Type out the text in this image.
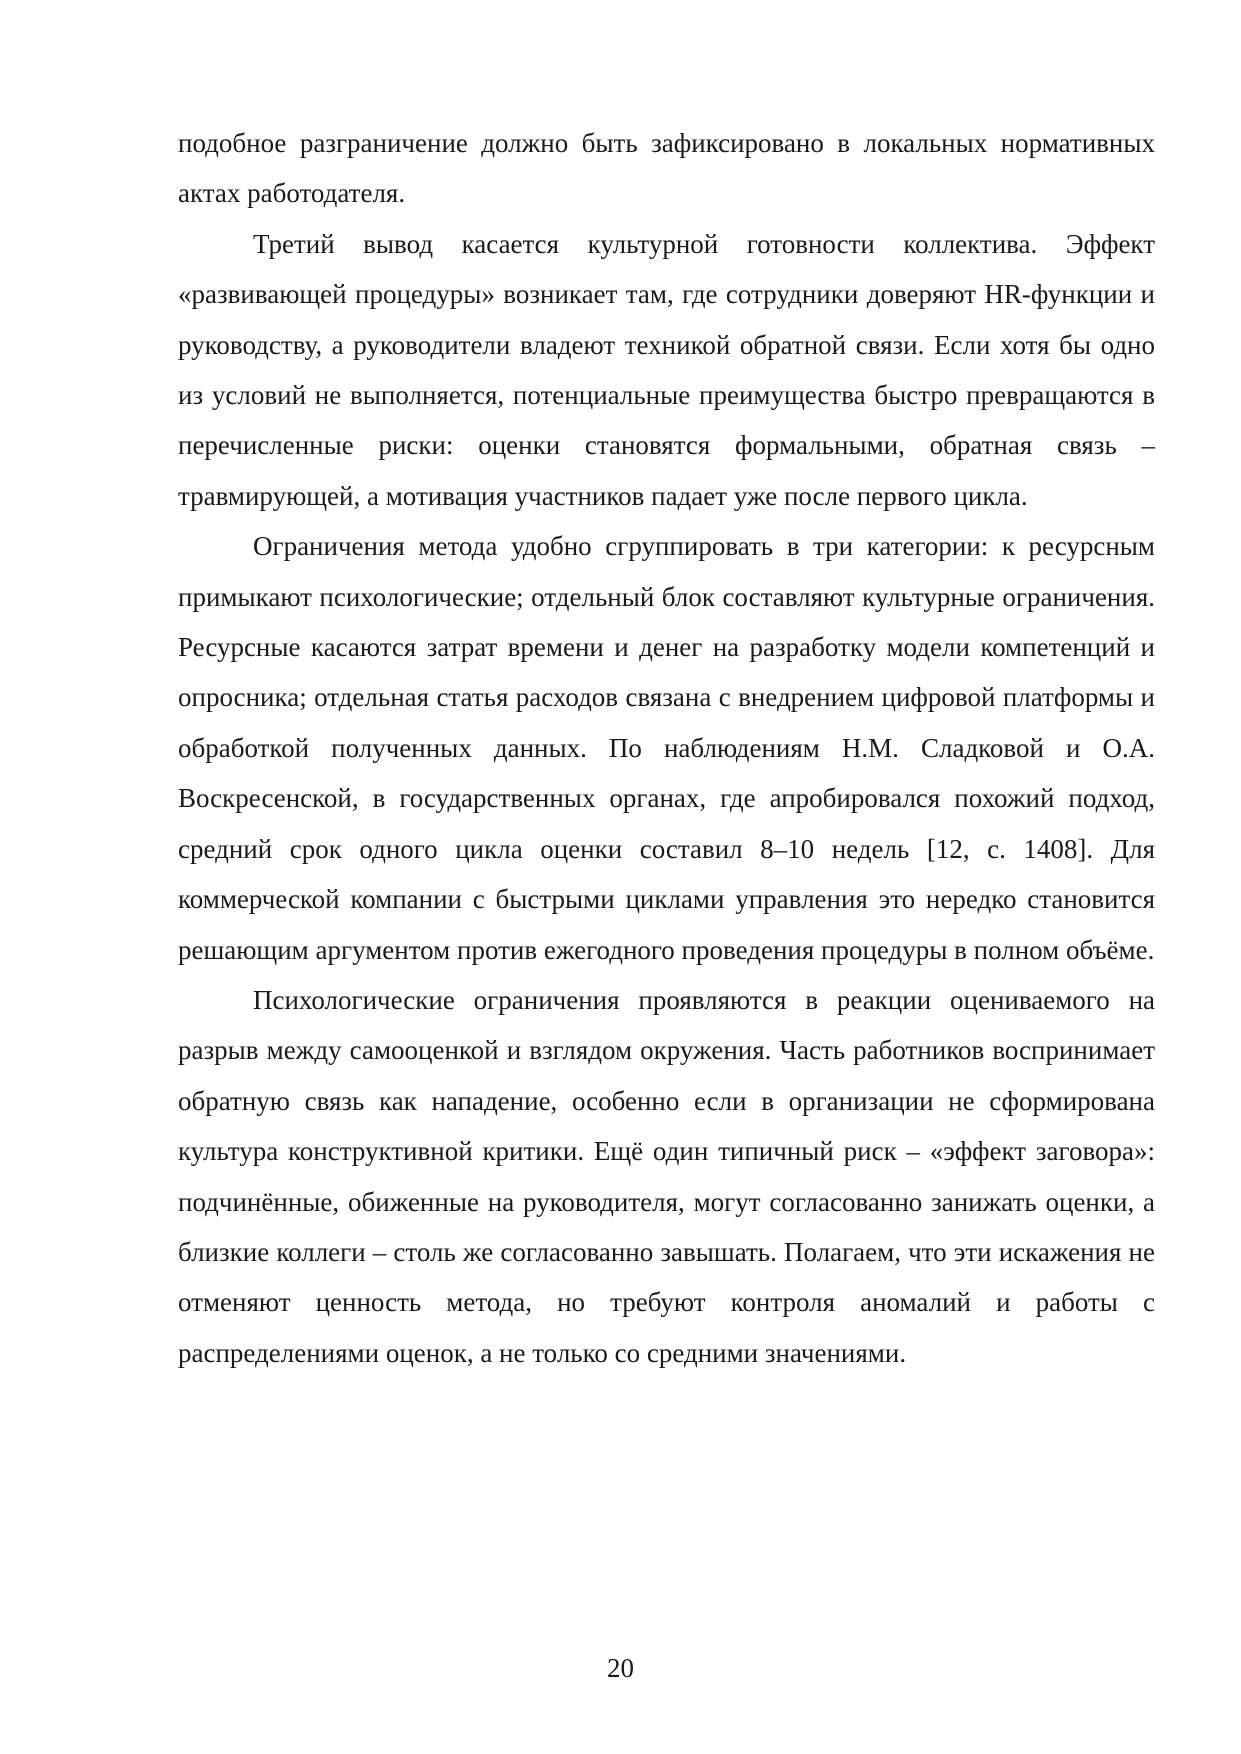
подобное разграничение должно быть зафиксировано в локальных нормативных актах работодателя.

Третий вывод касается культурной готовности коллектива. Эффект «развивающей процедуры» возникает там, где сотрудники доверяют HR-функции и руководству, а руководители владеют техникой обратной связи. Если хотя бы одно из условий не выполняется, потенциальные преимущества быстро превращаются в перечисленные риски: оценки становятся формальными, обратная связь – травмирующей, а мотивация участников падает уже после первого цикла.

Ограничения метода удобно сгруппировать в три категории: к ресурсным примыкают психологические; отдельный блок составляют культурные ограничения. Ресурсные касаются затрат времени и денег на разработку модели компетенций и опросника; отдельная статья расходов связана с внедрением цифровой платформы и обработкой полученных данных. По наблюдениям Н.М. Сладковой и О.А. Воскресенской, в государственных органах, где апробировался похожий подход, средний срок одного цикла оценки составил 8–10 недель [12, с. 1408]. Для коммерческой компании с быстрыми циклами управления это нередко становится решающим аргументом против ежегодного проведения процедуры в полном объёме.

Психологические ограничения проявляются в реакции оцениваемого на разрыв между самооценкой и взглядом окружения. Часть работников воспринимает обратную связь как нападение, особенно если в организации не сформирована культура конструктивной критики. Ещё один типичный риск – «эффект заговора»: подчинённые, обиженные на руководителя, могут согласованно занижать оценки, а близкие коллеги – столь же согласованно завышать. Полагаем, что эти искажения не отменяют ценность метода, но требуют контроля аномалий и работы с распределениями оценок, а не только со средними значениями.

20
